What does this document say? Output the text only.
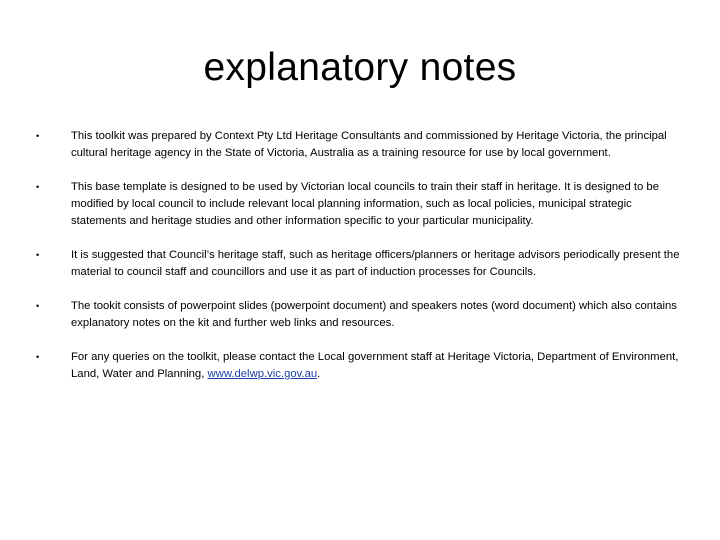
explanatory notes
•	This toolkit was prepared by Context Pty Ltd Heritage Consultants and commissioned by Heritage Victoria, the principal cultural heritage agency in the State of Victoria, Australia as a training resource for use by local government.
•	This base template is designed to be used by Victorian local councils to train their staff in heritage. It is designed to be modified by local council to include relevant local planning information, such as local policies, municipal strategic statements and heritage studies and other information specific to your particular municipality.
•	It is suggested that Council’s heritage staff, such as heritage officers/planners or heritage advisors periodically present the material to council staff and councillors and use it as part of induction processes for Councils.
•	The tookit consists of powerpoint slides (powerpoint document) and speakers notes (word document) which also contains explanatory notes on the kit and further web links and resources.
•	For any queries on the toolkit, please contact the Local government staff at Heritage Victoria, Department of Environment, Land, Water and Planning, www.delwp.vic.gov.au.
